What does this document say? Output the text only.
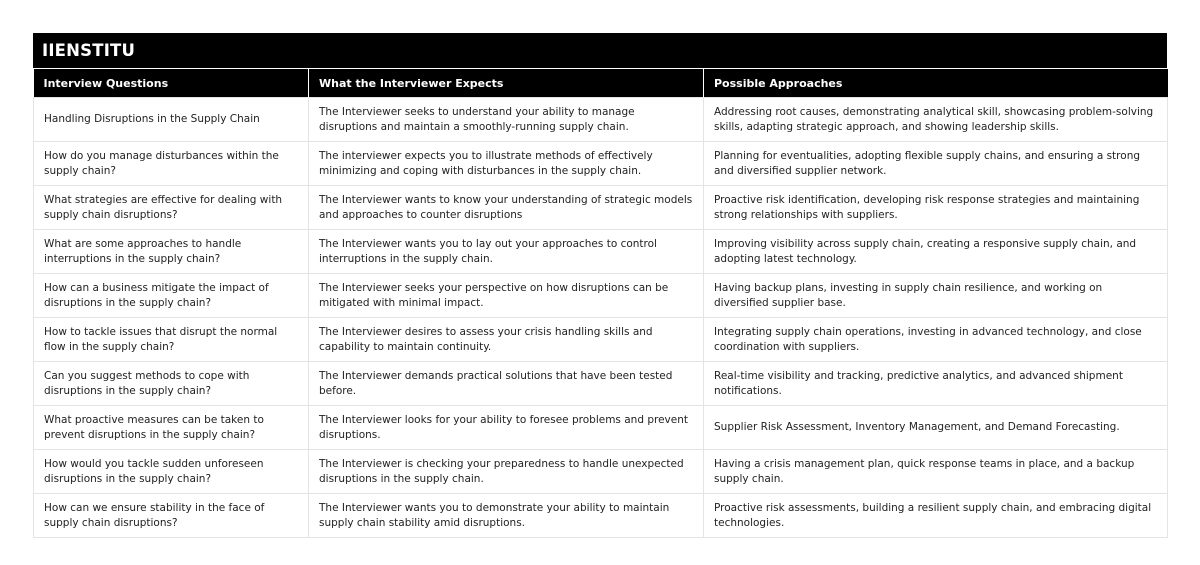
IIENSTITU
Interview Questions	What the Interviewer Expects	Possible Approaches
Handling Disruptions in the Supply Chain	The Interviewer seeks to understand your ability to manage disruptions and maintain a smoothly-running supply chain.	Addressing root causes, demonstrating analytical skill, showcasing problem-solving skills, adapting strategic approach, and showing leadership skills.
How do you manage disturbances within the supply chain?	The interviewer expects you to illustrate methods of effectively minimizing and coping with disturbances in the supply chain.	Planning for eventualities, adopting flexible supply chains, and ensuring a strong and diversified supplier network.
What strategies are effective for dealing with supply chain disruptions?	The Interviewer wants to know your understanding of strategic models and approaches to counter disruptions	Proactive risk identification, developing risk response strategies and maintaining strong relationships with suppliers.
What are some approaches to handle interruptions in the supply chain?	The Interviewer wants you to lay out your approaches to control interruptions in the supply chain.	Improving visibility across supply chain, creating a responsive supply chain, and adopting latest technology.
How can a business mitigate the impact of disruptions in the supply chain?	The Interviewer seeks your perspective on how disruptions can be mitigated with minimal impact.	Having backup plans, investing in supply chain resilience, and working on diversified supplier base.
How to tackle issues that disrupt the normal flow in the supply chain?	The Interviewer desires to assess your crisis handling skills and capability to maintain continuity.	Integrating supply chain operations, investing in advanced technology, and close coordination with suppliers.
Can you suggest methods to cope with disruptions in the supply chain?	The Interviewer demands practical solutions that have been tested before.	Real-time visibility and tracking, predictive analytics, and advanced shipment notifications.
What proactive measures can be taken to prevent disruptions in the supply chain?	The Interviewer looks for your ability to foresee problems and prevent disruptions.	Supplier Risk Assessment, Inventory Management, and Demand Forecasting.
How would you tackle sudden unforeseen disruptions in the supply chain?	The Interviewer is checking your preparedness to handle unexpected disruptions in the supply chain.	Having a crisis management plan, quick response teams in place, and a backup supply chain.
How can we ensure stability in the face of supply chain disruptions?	The Interviewer wants you to demonstrate your ability to maintain supply chain stability amid disruptions.	Proactive risk assessments, building a resilient supply chain, and embracing digital technologies.
